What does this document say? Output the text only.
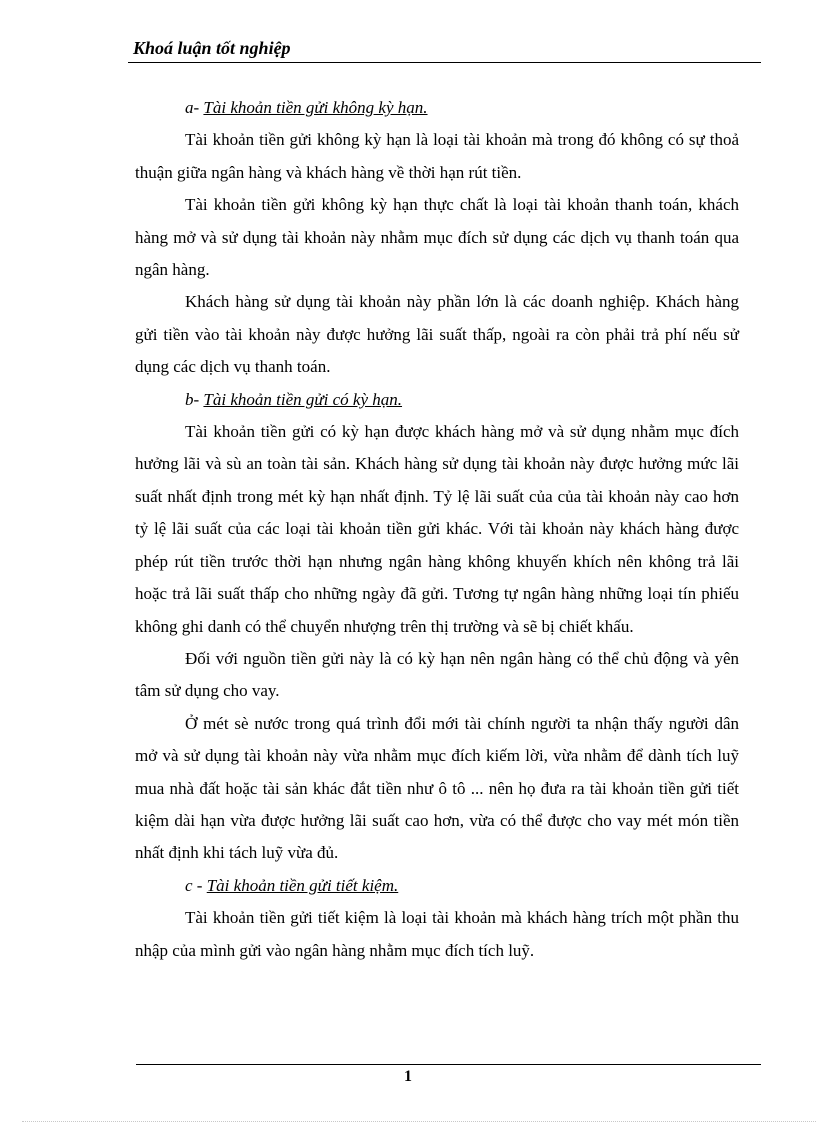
Khoá luận tốt nghiệp

a- Tài khoản tiền gửi không kỳ hạn.

Tài khoản tiền gửi không kỳ hạn là loại tài khoản mà trong đó không có sự thoả thuận giữa ngân hàng và khách hàng về thời hạn rút tiền.

Tài khoản tiền gửi không kỳ hạn thực chất là loại tài khoản thanh toán, khách hàng mở và sử dụng tài khoản này nhằm mục đích sử dụng các dịch vụ thanh toán qua ngân hàng.

Khách hàng sử dụng tài khoản này phần lớn là các doanh nghiệp. Khách hàng gửi tiền vào tài khoản này được hưởng lãi suất thấp, ngoài ra còn phải trả phí nếu sử dụng các dịch vụ thanh toán.

b- Tài khoản tiền gửi có kỳ hạn.

Tài khoản tiền gửi có kỳ hạn được khách hàng mở và sử dụng nhằm mục đích hưởng lãi và sù an toàn tài sản. Khách hàng sử dụng tài khoản này được hưởng mức lãi suất nhất định trong mét kỳ hạn nhất định. Tỷ lệ lãi suất của của tài khoản này cao hơn tỷ lệ lãi suất của các loại tài khoản tiền gửi khác. Với tài khoản này khách hàng được phép rút tiền trước thời hạn nhưng ngân hàng không khuyến khích nên không trả lãi hoặc trả lãi suất thấp cho những ngày đã gửi. Tương tự ngân hàng những loại tín phiếu không ghi danh có thể chuyển nhượng trên thị trường và sẽ bị chiết khấu.

Đối với nguồn tiền gửi này là có kỳ hạn nên ngân hàng có thể chủ động và yên tâm sử dụng cho vay.

Ở mét sè nước trong quá trình đổi mới tài chính người ta nhận thấy người dân mở và sử dụng tài khoản này vừa nhằm mục đích kiếm lời, vừa nhằm để dành tích luỹ mua nhà đất hoặc tài sản khác đắt tiền như ô tô ... nên họ đưa ra tài khoản tiền gửi tiết kiệm dài hạn vừa được hưởng lãi suất cao hơn, vừa có thể được cho vay mét món tiền nhất định khi tách luỹ vừa đủ.

c - Tài khoản tiền gửi tiết kiệm.

Tài khoản tiền gửi tiết kiệm là loại tài khoản mà khách hàng trích một phần thu nhập của mình gửi vào ngân hàng nhằm mục đích tích luỹ.

1
